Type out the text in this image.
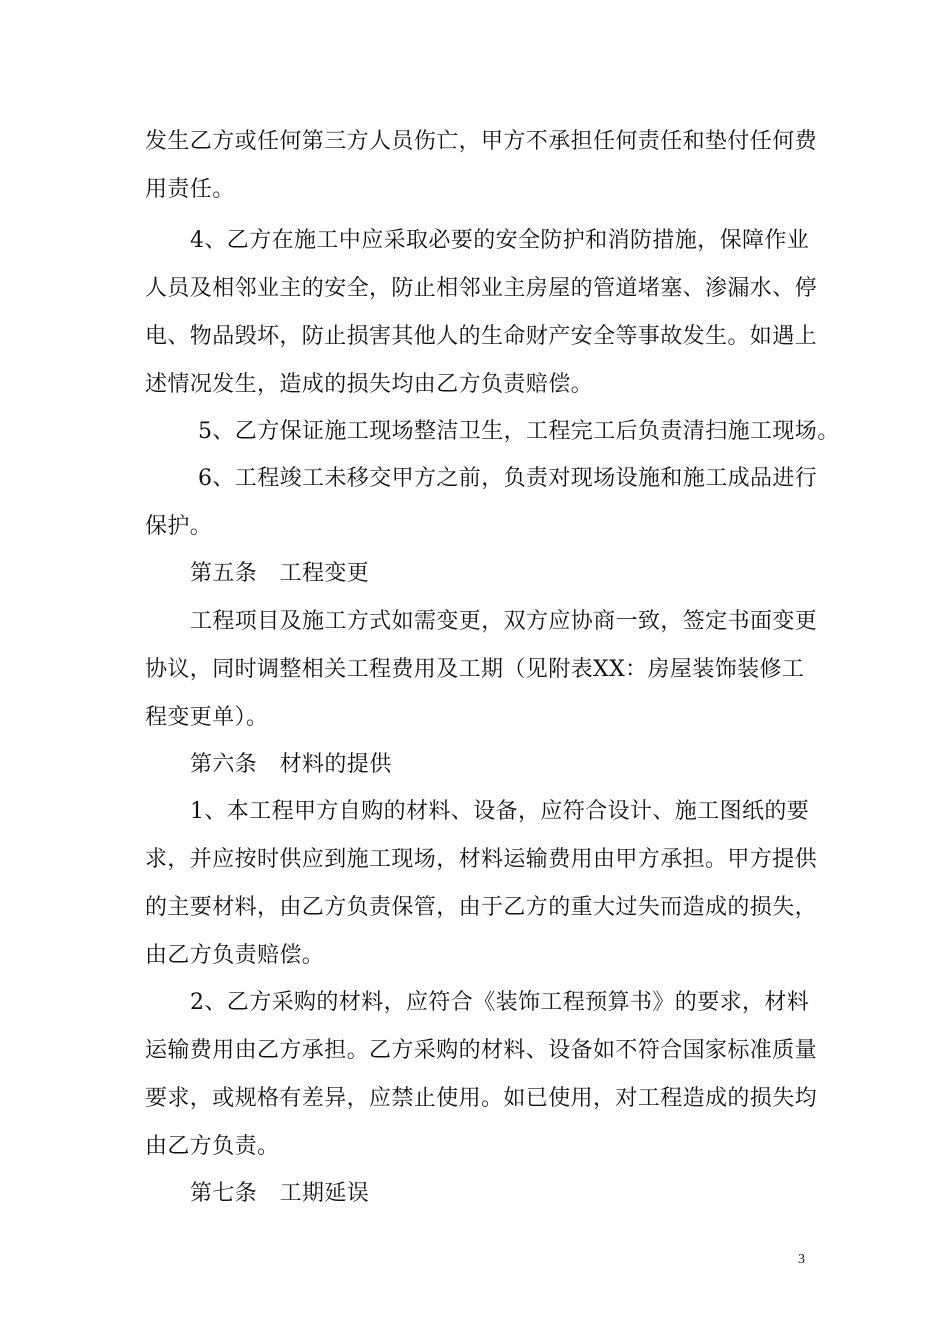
发生乙方或任何第三方人员伤亡，甲方不承担任何责任和垫付任何费
用责任。
4、乙方在施工中应采取必要的安全防护和消防措施，保障作业
人员及相邻业主的安全，防止相邻业主房屋的管道堵塞、渗漏水、停
电、物品毁坏，防止损害其他人的生命财产安全等事故发生。如遇上
述情况发生，造成的损失均由乙方负责赔偿。
5、乙方保证施工现场整洁卫生，工程完工后负责清扫施工现场。
6、工程竣工未移交甲方之前，负责对现场设施和施工成品进行
保护。
第五条　工程变更
工程项目及施工方式如需变更，双方应协商一致，签定书面变更
协议，同时调整相关工程费用及工期（见附表XX：房屋装饰装修工
程变更单）。
第六条　材料的提供
1、本工程甲方自购的材料、设备，应符合设计、施工图纸的要
求，并应按时供应到施工现场，材料运输费用由甲方承担。甲方提供
的主要材料，由乙方负责保管，由于乙方的重大过失而造成的损失，
由乙方负责赔偿。
2、乙方采购的材料，应符合《装饰工程预算书》的要求，材料
运输费用由乙方承担。乙方采购的材料、设备如不符合国家标准质量
要求，或规格有差异，应禁止使用。如已使用，对工程造成的损失均
由乙方负责。
第七条　工期延误
3
